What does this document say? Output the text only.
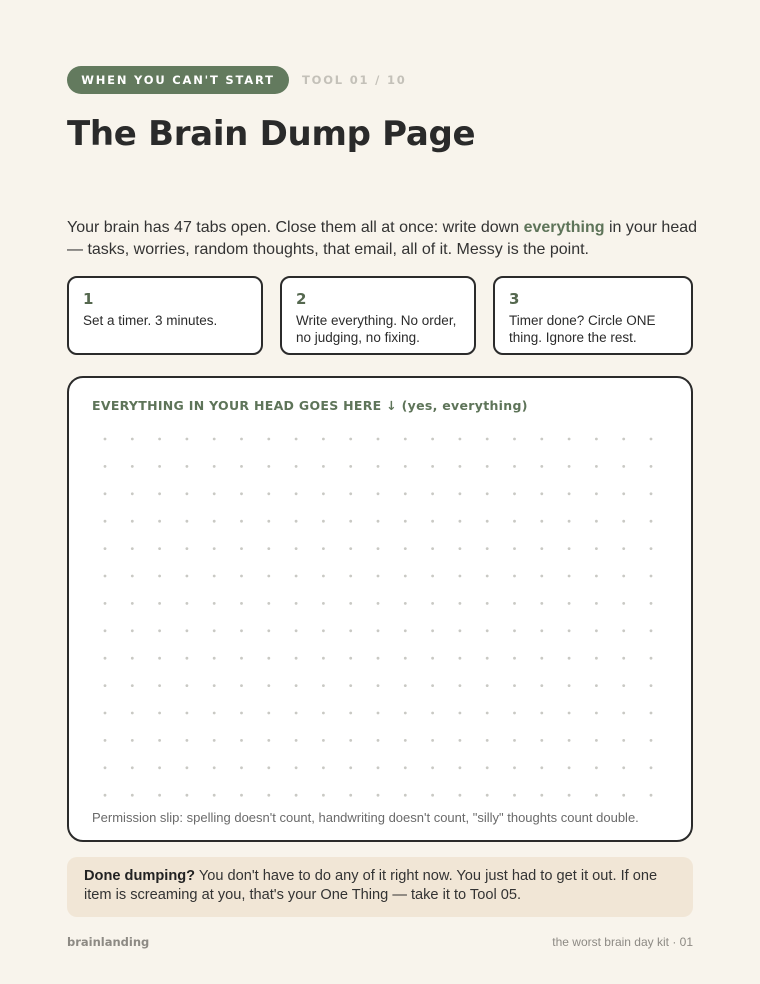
WHEN YOU CAN'T START	TOOL 01 / 10
The Brain Dump Page
Your brain has 47 tabs open. Close them all at once: write down everything in your head — tasks, worries, random thoughts, that email, all of it. Messy is the point.
1
Set a timer. 3 minutes.
2
Write everything. No order, no judging, no fixing.
3
Timer done? Circle ONE thing. Ignore the rest.
EVERYTHING IN YOUR HEAD GOES HERE ↓ (yes, everything)
Permission slip: spelling doesn't count, handwriting doesn't count, "silly" thoughts count double.
Done dumping? You don't have to do any of it right now. You just had to get it out. If one item is screaming at you, that's your One Thing — take it to Tool 05.
brainlanding	the worst brain day kit · 01
